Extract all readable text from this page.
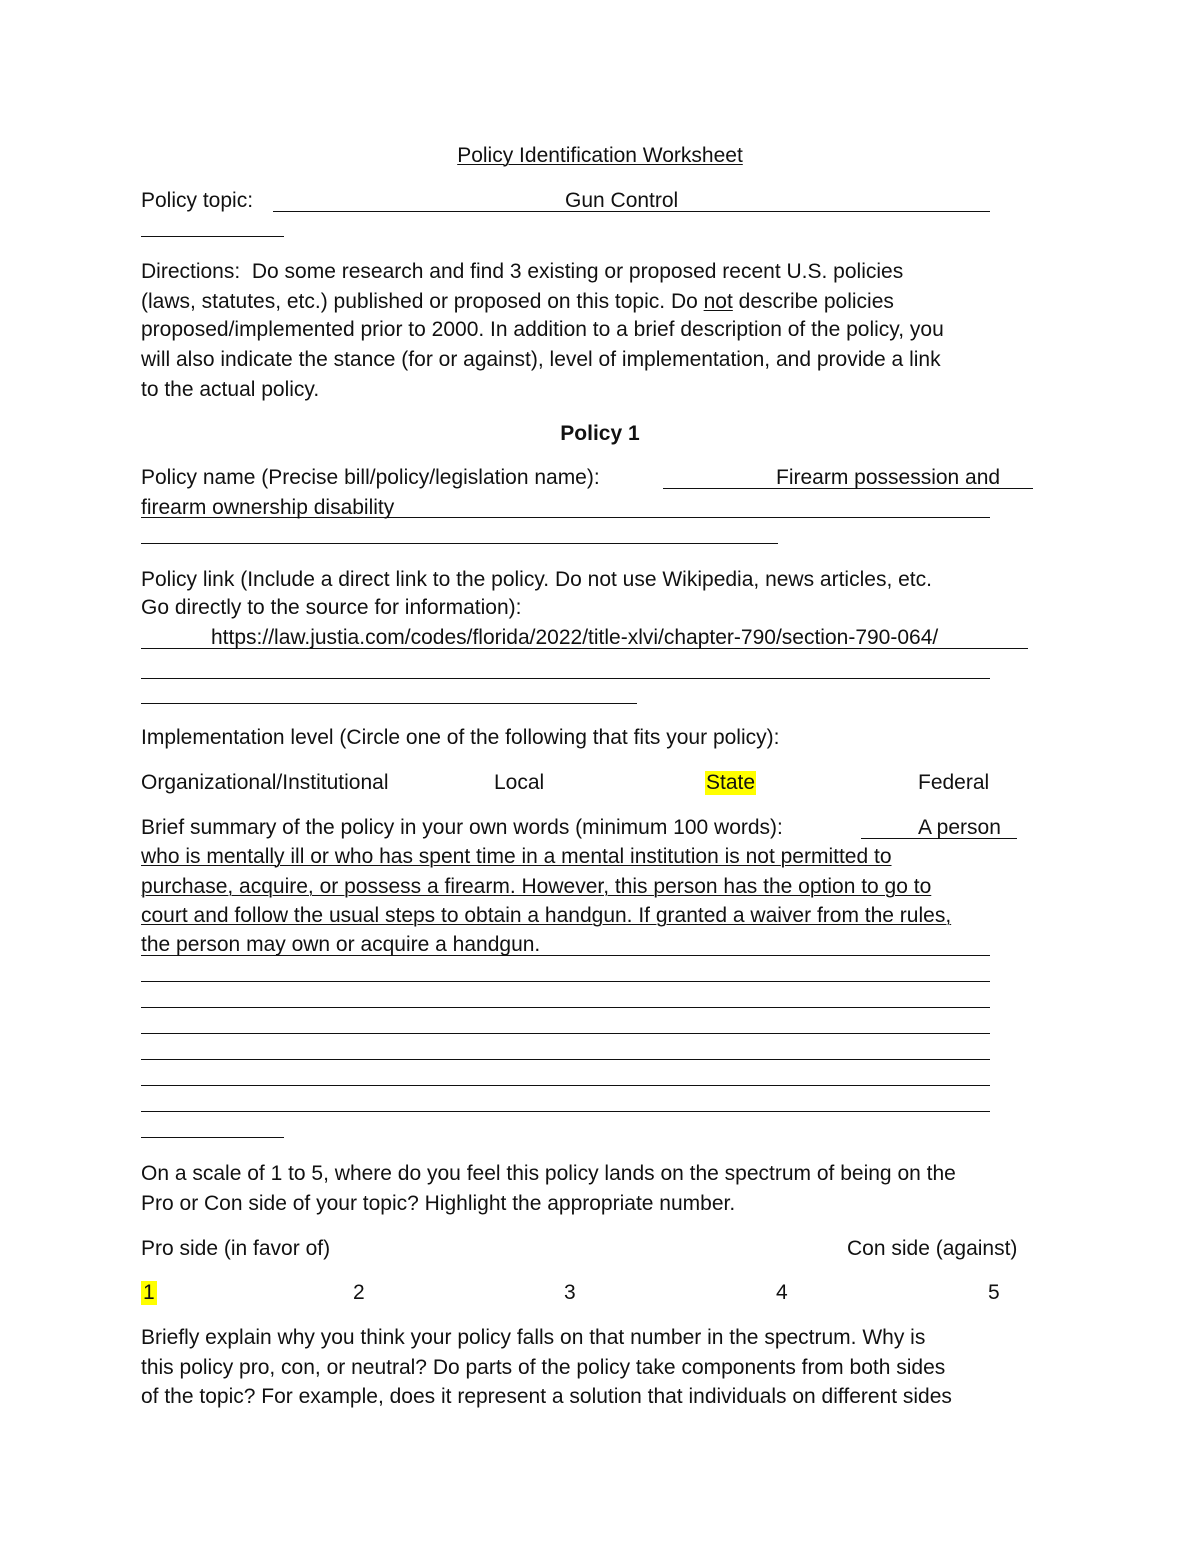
Policy Identification Worksheet
Policy topic:	Gun Control
Directions: Do some research and find 3 existing or proposed recent U.S. policies
(laws, statutes, etc.) published or proposed on this topic. Do not describe policies
proposed/implemented prior to 2000. In addition to a brief description of the policy, you
will also indicate the stance (for or against), level of implementation, and provide a link
to the actual policy.
Policy 1
Policy name (Precise bill/policy/legislation name):	Firearm possession and
firearm ownership disability
Policy link (Include a direct link to the policy. Do not use Wikipedia, news articles, etc.
Go directly to the source for information):
https://law.justia.com/codes/florida/2022/title-xlvi/chapter-790/section-790-064/
Implementation level (Circle one of the following that fits your policy):
Organizational/Institutional	Local	State	Federal
Brief summary of the policy in your own words (minimum 100 words):	A person
who is mentally ill or who has spent time in a mental institution is not permitted to
purchase, acquire, or possess a firearm. However, this person has the option to go to
court and follow the usual steps to obtain a handgun. If granted a waiver from the rules,
the person may own or acquire a handgun.
On a scale of 1 to 5, where do you feel this policy lands on the spectrum of being on the
Pro or Con side of your topic? Highlight the appropriate number.
Pro side (in favor of)	Con side (against)
1	2	3	4	5
Briefly explain why you think your policy falls on that number in the spectrum. Why is
this policy pro, con, or neutral? Do parts of the policy take components from both sides
of the topic? For example, does it represent a solution that individuals on different sides
